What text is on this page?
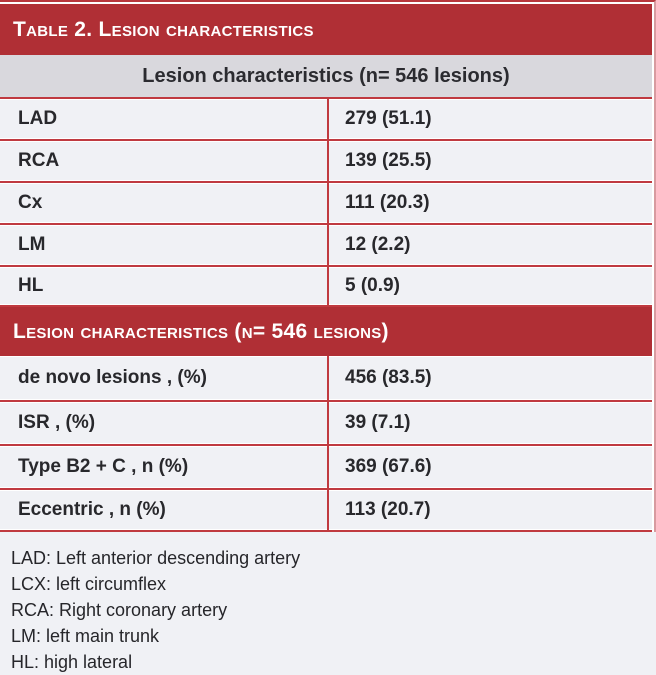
Table 2. Lesion characteristics
Lesion characteristics (n= 546 lesions)
LAD	279 (51.1)
RCA	139 (25.5)
Cx	111 (20.3)
LM	12 (2.2)
HL	5 (0.9)
Lesion characteristics (n= 546 lesions)
de novo lesions , (%)	456 (83.5)
ISR , (%)	39 (7.1)
Type B2 + C , n (%)	369 (67.6)
Eccentric , n (%)	113 (20.7)
LAD: Left anterior descending artery
LCX: left circumflex
RCA: Right coronary artery
LM: left main trunk
HL: high lateral
